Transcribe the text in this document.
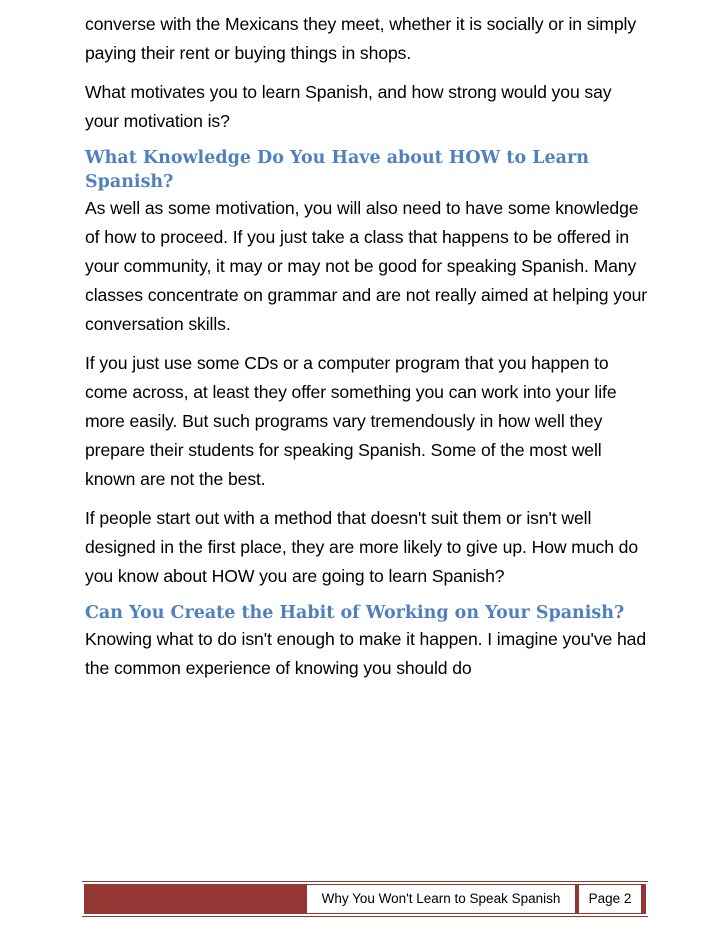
converse with the Mexicans they meet, whether it is socially or in simply paying their rent or buying things in shops.

What motivates you to learn Spanish, and how strong would you say your motivation is?

What Knowledge Do You Have about HOW to Learn Spanish?

As well as some motivation, you will also need to have some knowledge of how to proceed. If you just take a class that happens to be offered in your community, it may or may not be good for speaking Spanish. Many classes concentrate on grammar and are not really aimed at helping your conversation skills.

If you just use some CDs or a computer program that you happen to come across, at least they offer something you can work into your life more easily. But such programs vary tremendously in how well they prepare their students for speaking Spanish. Some of the most well known are not the best.

If people start out with a method that doesn't suit them or isn't well designed in the first place, they are more likely to give up. How much do you know about HOW you are going to learn Spanish?

Can You Create the Habit of Working on Your Spanish?

Knowing what to do isn't enough to make it happen. I imagine you've had the common experience of knowing you should do

Why You Won't Learn to Speak Spanish	Page 2
